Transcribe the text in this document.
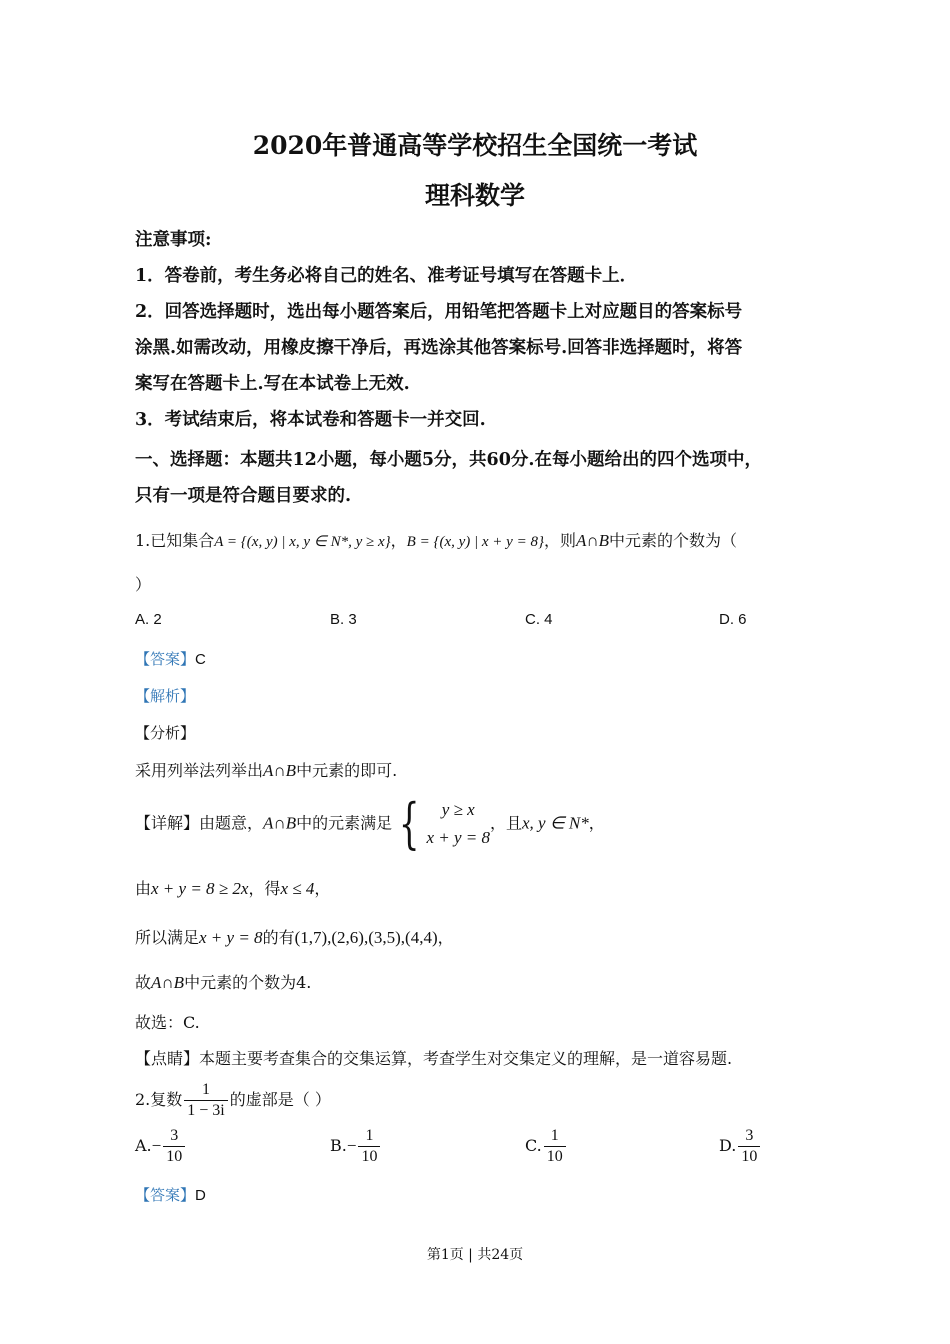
2020年普通高等学校招生全国统一考试
理科数学
注意事项:
1．答卷前，考生务必将自己的姓名、准考证号填写在答题卡上．
2．回答选择题时，选出每小题答案后，用铅笔把答题卡上对应题目的答案标号
涂黑.如需改动，用橡皮擦干净后，再选涂其他答案标号.回答非选择题时，将答
案写在答题卡上.写在本试卷上无效.
3．考试结束后，将本试卷和答题卡一并交回.
一、选择题：本题共12小题，每小题5分，共60分.在每小题给出的四个选项中，
只有一项是符合题目要求的.
1.已知集合A = {(x, y) | x, y ∈ N*, y ≥ x}，B = {(x, y) | x + y = 8}，则A∩B中元素的个数为（
）
A. 2	B. 3	C. 4	D. 6
【答案】C
【解析】
【分析】
采用列举法列举出A∩B中元素的即可.
【详解】由题意，A∩B中的元素满足 {	y ≥ x
x + y = 8
，且x, y ∈ N*，
由x + y = 8 ≥ 2x，得x ≤ 4，
所以满足x + y = 8的有(1,7),(2,6),(3,5),(4,4)，
故A∩B中元素的个数为4.
故选：C.
【点睛】本题主要考查集合的交集运算，考查学生对交集定义的理解，是一道容易题.
2.复数 $\frac{1}{1 - 3i}$ 的虚部是（ ）
$A.- \frac{3}{10}$	$B.- \frac{1}{10}$	C. $\frac{1}{10}$	D. $\frac{3}{10}$
【答案】D
第1页 | 共24页
